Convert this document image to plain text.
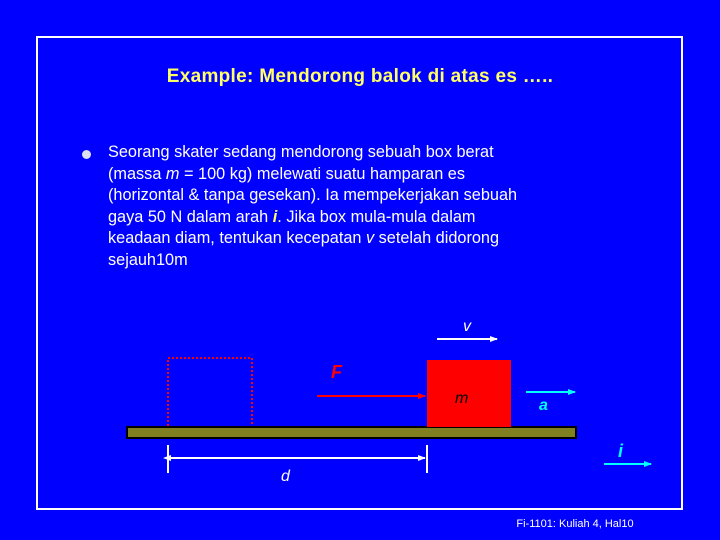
Example: Mendorong balok di atas es …..
Seorang skater sedang mendorong sebuah box berat
(massa m = 100 kg) melewati suatu hamparan es
(horizontal & tanpa gesekan). Ia mempekerjakan sebuah
gaya 50 N dalam arah i. Jika box mula-mula dalam
keadaan diam, tentukan kecepatan v setelah didorong
sejauh10m
v
F
m	a
i
d
Fi-1101: Kuliah 4, Hal10
